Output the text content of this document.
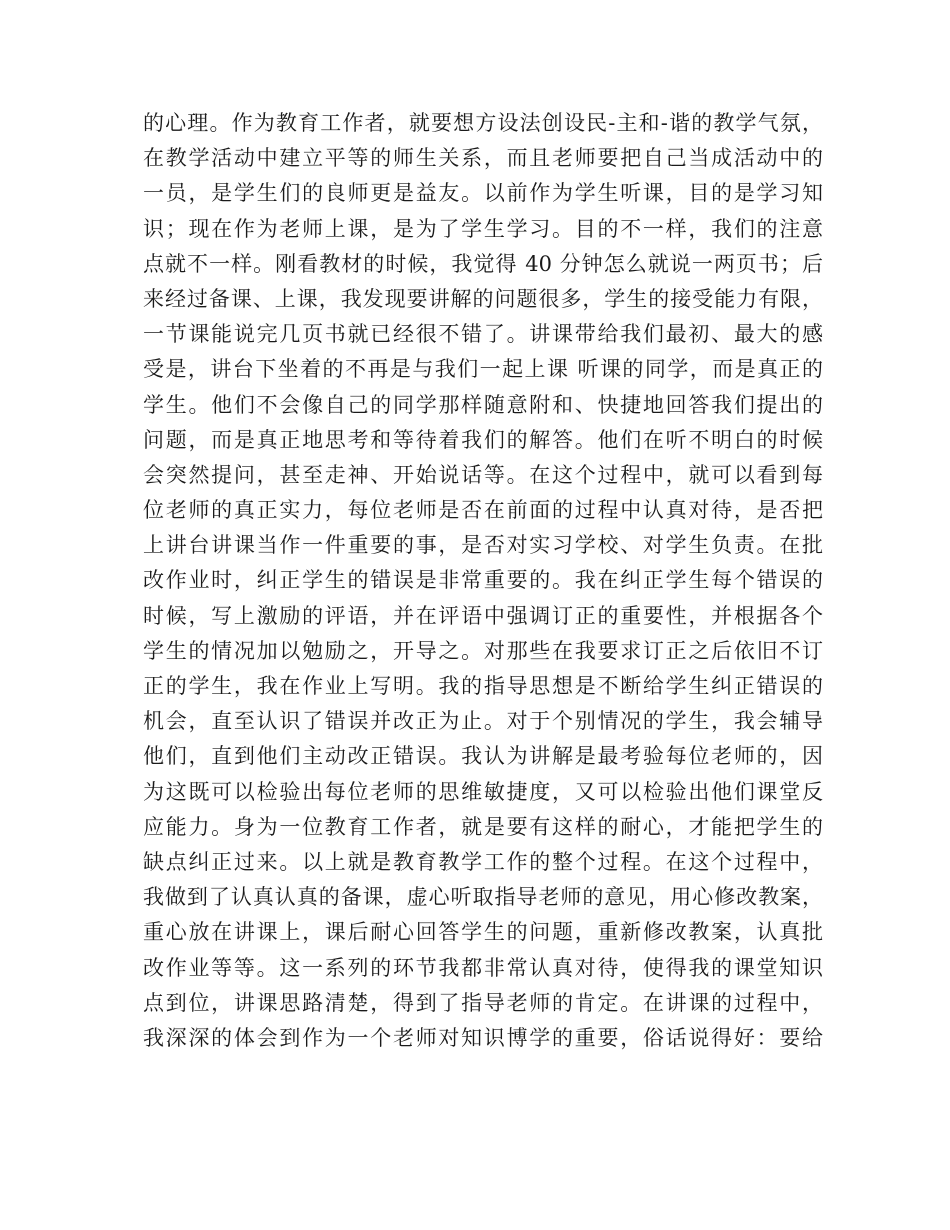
的心理。作为教育工作者，就要想方设法创设民-主和-谐的教学气氛，
在教学活动中建立平等的师生关系，而且老师要把自己当成活动中的
一员，是学生们的良师更是益友。以前作为学生听课，目的是学习知
识；现在作为老师上课，是为了学生学习。目的不一样，我们的注意
点就不一样。刚看教材的时候，我觉得 40 分钟怎么就说一两页书；后
来经过备课、上课，我发现要讲解的问题很多，学生的接受能力有限，
一节课能说完几页书就已经很不错了。讲课带给我们最初、最大的感
受是，讲台下坐着的不再是与我们一起上课 听课的同学，而是真正的
学生。他们不会像自己的同学那样随意附和、快捷地回答我们提出的
问题，而是真正地思考和等待着我们的解答。他们在听不明白的时候
会突然提问，甚至走神、开始说话等。在这个过程中，就可以看到每
位老师的真正实力，每位老师是否在前面的过程中认真对待，是否把
上讲台讲课当作一件重要的事，是否对实习学校、对学生负责。在批
改作业时，纠正学生的错误是非常重要的。我在纠正学生每个错误的
时候，写上激励的评语，并在评语中强调订正的重要性，并根据各个
学生的情况加以勉励之，开导之。对那些在我要求订正之后依旧不订
正的学生，我在作业上写明。我的指导思想是不断给学生纠正错误的
机会，直至认识了错误并改正为止。对于个别情况的学生，我会辅导
他们，直到他们主动改正错误。我认为讲解是最考验每位老师的，因
为这既可以检验出每位老师的思维敏捷度，又可以检验出他们课堂反
应能力。身为一位教育工作者，就是要有这样的耐心，才能把学生的
缺点纠正过来。以上就是教育教学工作的整个过程。在这个过程中，
我做到了认真认真的备课，虚心听取指导老师的意见，用心修改教案，
重心放在讲课上，课后耐心回答学生的问题，重新修改教案，认真批
改作业等等。这一系列的环节我都非常认真对待，使得我的课堂知识
点到位，讲课思路清楚，得到了指导老师的肯定。在讲课的过程中，
我深深的体会到作为一个老师对知识博学的重要，俗话说得好：要给
